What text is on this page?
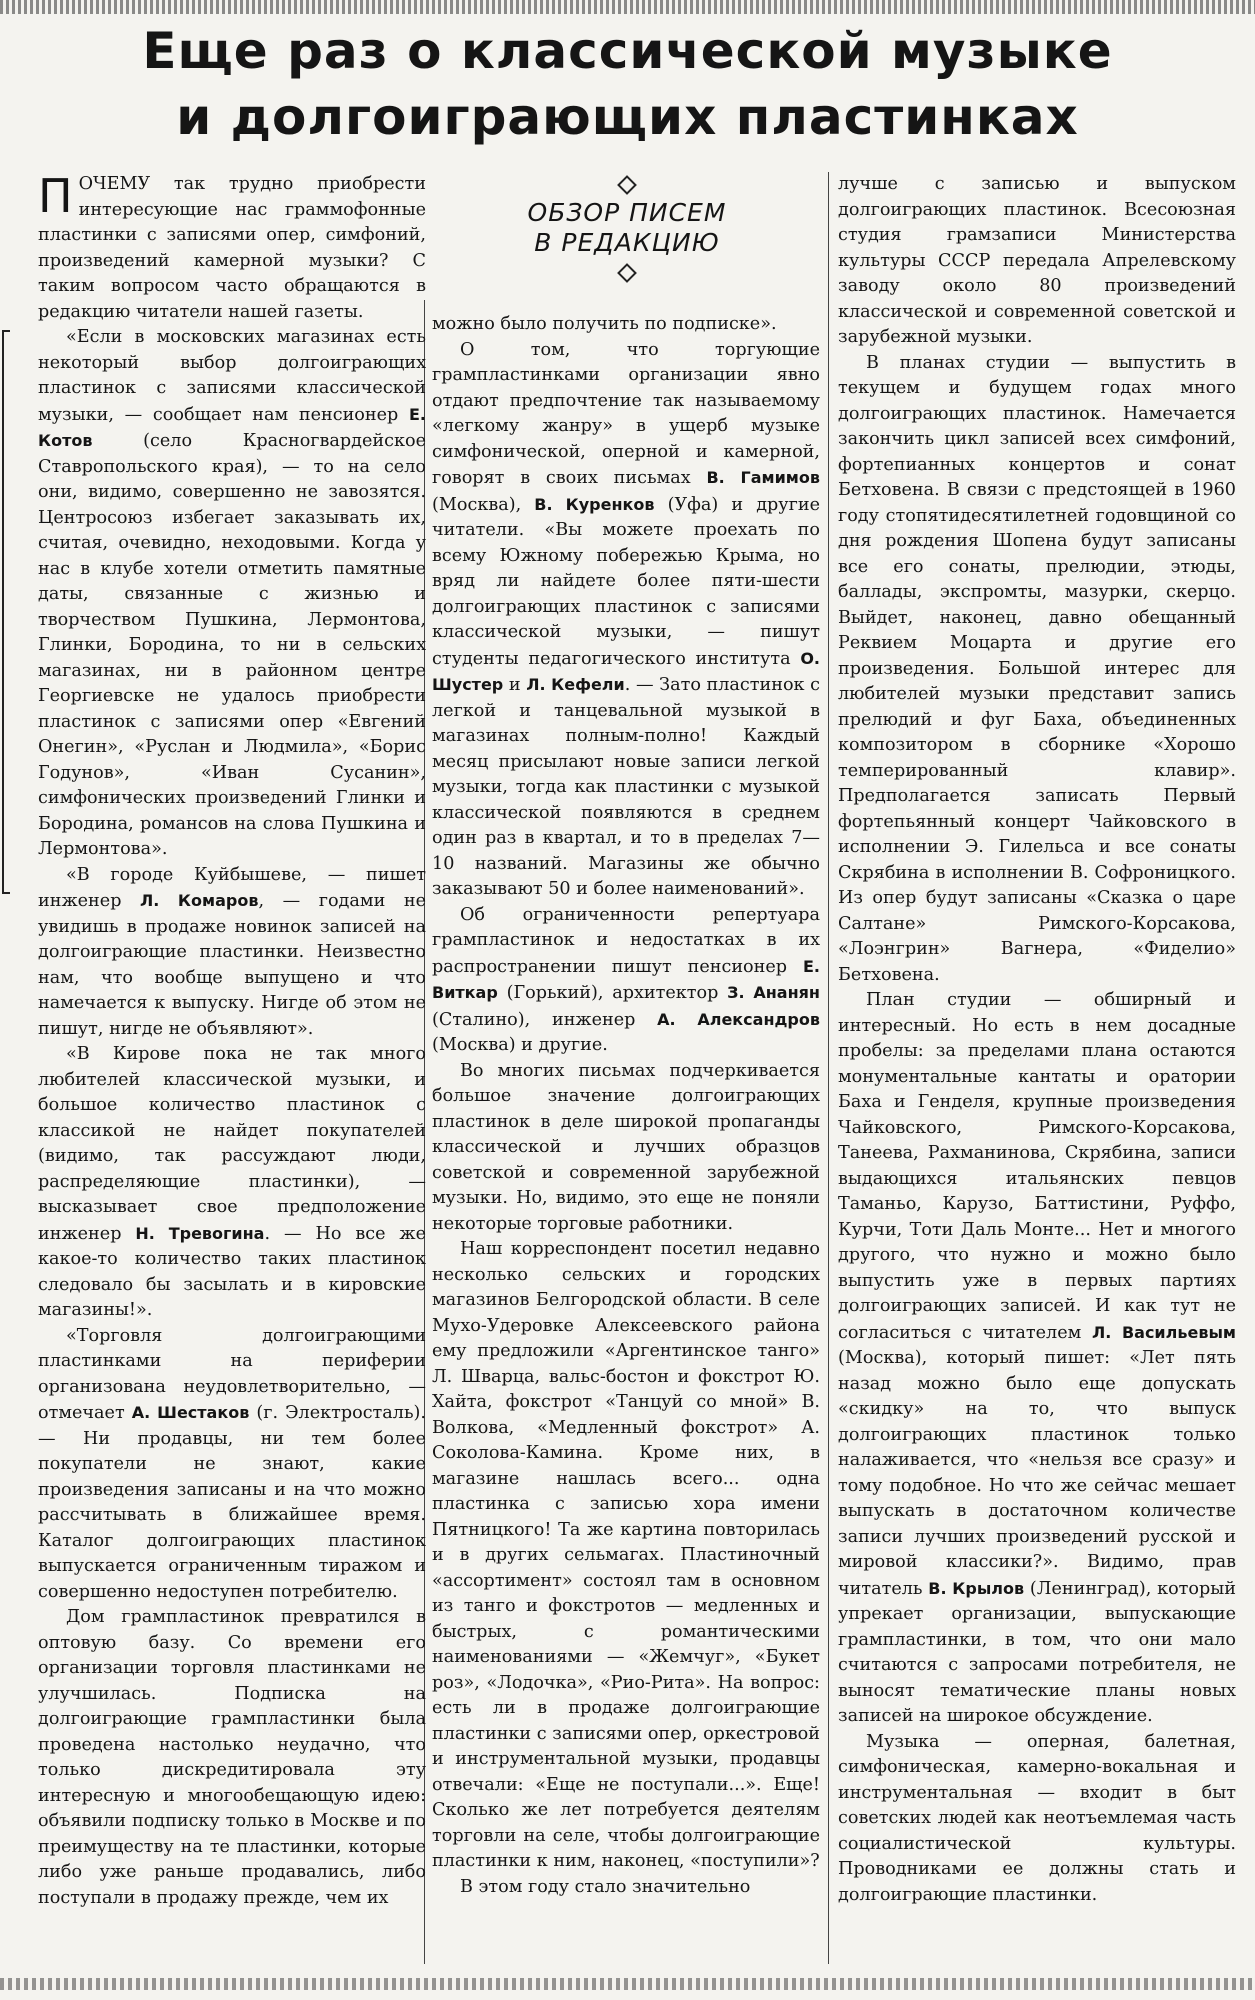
Еще раз о классической музыке
и долгоиграющих пластинках

ПОЧЕМУ так трудно приобрести интересующие нас граммофонные пластинки с записями опер, симфоний, произведений камерной музыки? С таким вопросом часто обращаются в редакцию читатели нашей газеты.

«Если в московских магазинах есть некоторый выбор долгоиграющих пластинок с записями классической музыки, — сообщает нам пенсионер Е. Котов (село Красногвардейское Ставропольского края), — то на село они, видимо, совершенно не завозятся. Центросоюз избегает заказывать их, считая, очевидно, неходовыми. Когда у нас в клубе хотели отметить памятные даты, связанные с жизнью и творчеством Пушкина, Лермонтова, Глинки, Бородина, то ни в сельских магазинах, ни в районном центре Георгиевске не удалось приобрести пластинок с записями опер «Евгений Онегин», «Руслан и Людмила», «Борис Годунов», «Иван Сусанин», симфонических произведений Глинки и Бородина, романсов на слова Пушкина и Лермонтова».

«В городе Куйбышеве, — пишет инженер Л. Комаров, — годами не увидишь в продаже новинок записей на долгоиграющие пластинки. Неизвестно нам, что вообще выпущено и что намечается к выпуску. Нигде об этом не пишут, нигде не объявляют».

«В Кирове пока не так много любителей классической музыки, и большое количество пластинок с классикой не найдет покупателей (видимо, так рассуждают люди, распределяющие пластинки), — высказывает свое предположение инженер Н. Тревогина. — Но все же какое-то количество таких пластинок следовало бы засылать и в кировские магазины!».

«Торговля долгоиграющими пластинками на периферии организована неудовлетворительно, — отмечает А. Шестаков (г. Электросталь). — Ни продавцы, ни тем более покупатели не знают, какие произведения записаны и на что можно рассчитывать в ближайшее время. Каталог долгоиграющих пластинок выпускается ограниченным тиражом и совершенно недоступен потребителю.

Дом грампластинок превратился в оптовую базу. Со времени его организации торговля пластинками не улучшилась. Подписка на долгоиграющие грампластинки была проведена настолько неудачно, что только дискредитировала эту интересную и многообещающую идею: объявили подписку только в Москве и по преимуществу на те пластинки, которые либо уже раньше продавались, либо поступали в продажу прежде, чем их

ОБЗОР ПИСЕМ
В РЕДАКЦИЮ

можно было получить по подписке».

О том, что торгующие грампластинками организации явно отдают предпочтение так называемому «легкому жанру» в ущерб музыке симфонической, оперной и камерной, говорят в своих письмах В. Гамимов (Москва), В. Куренков (Уфа) и другие читатели. «Вы можете проехать по всему Южному побережью Крыма, но вряд ли найдете более пяти-шести долгоиграющих пластинок с записями классической музыки, — пишут студенты педагогического института О. Шустер и Л. Кефели. — Зато пластинок с легкой и танцевальной музыкой в магазинах полным-полно! Каждый месяц присылают новые записи легкой музыки, тогда как пластинки с музыкой классической появляются в среднем один раз в квартал, и то в пределах 7—10 названий. Магазины же обычно заказывают 50 и более наименований».

Об ограниченности репертуара грампластинок и недостатках в их распространении пишут пенсионер Е. Виткар (Горький), архитектор З. Ананян (Сталино), инженер А. Александров (Москва) и другие.

Во многих письмах подчеркивается большое значение долгоиграющих пластинок в деле широкой пропаганды классической и лучших образцов советской и современной зарубежной музыки. Но, видимо, это еще не поняли некоторые торговые работники.

Наш корреспондент посетил недавно несколько сельских и городских магазинов Белгородской области. В селе Мухо-Удеровке Алексеевского района ему предложили «Аргентинское танго» Л. Шварца, вальс-бостон и фокстрот Ю. Хайта, фокстрот «Танцуй со мной» В. Волкова, «Медленный фокстрот» А. Соколова-Камина. Кроме них, в магазине нашлась всего... одна пластинка с записью хора имени Пятницкого! Та же картина повторилась и в других сельмагах. Пластиночный «ассортимент» состоял там в основном из танго и фокстротов — медленных и быстрых, с романтическими наименованиями — «Жемчуг», «Букет роз», «Лодочка», «Рио-Рита». На вопрос: есть ли в продаже долгоиграющие пластинки с записями опер, оркестровой и инструментальной музыки, продавцы отвечали: «Еще не поступали...». Еще! Сколько же лет потребуется деятелям торговли на селе, чтобы долгоиграющие пластинки к ним, наконец, «поступили»?

В этом году стало значительно

лучше с записью и выпуском долгоиграющих пластинок. Всесоюзная студия грамзаписи Министерства культуры СССР передала Апрелевскому заводу около 80 произведений классической и современной советской и зарубежной музыки.

В планах студии — выпустить в текущем и будущем годах много долгоиграющих пластинок. Намечается закончить цикл записей всех симфоний, фортепианных концертов и сонат Бетховена. В связи с предстоящей в 1960 году стопятидесятилетней годовщиной со дня рождения Шопена будут записаны все его сонаты, прелюдии, этюды, баллады, экспромты, мазурки, скерцо. Выйдет, наконец, давно обещанный Реквием Моцарта и другие его произведения. Большой интерес для любителей музыки представит запись прелюдий и фуг Баха, объединенных композитором в сборнике «Хорошо темперированный клавир». Предполагается записать Первый фортепьянный концерт Чайковского в исполнении Э. Гилельса и все сонаты Скрябина в исполнении В. Софроницкого. Из опер будут записаны «Сказка о царе Салтане» Римского-Корсакова, «Лоэнгрин» Вагнера, «Фиделио» Бетховена.

План студии — обширный и интересный. Но есть в нем досадные пробелы: за пределами плана остаются монументальные кантаты и оратории Баха и Генделя, крупные произведения Чайковского, Римского-Корсакова, Танеева, Рахманинова, Скрябина, записи выдающихся итальянских певцов Таманьо, Карузо, Баттистини, Руффо, Курчи, Тоти Даль Монте... Нет и многого другого, что нужно и можно было выпустить уже в первых партиях долгоиграющих записей. И как тут не согласиться с читателем Л. Васильевым (Москва), который пишет: «Лет пять назад можно было еще допускать «скидку» на то, что выпуск долгоиграющих пластинок только налаживается, что «нельзя все сразу» и тому подобное. Но что же сейчас мешает выпускать в достаточном количестве записи лучших произведений русской и мировой классики?». Видимо, прав читатель В. Крылов (Ленинград), который упрекает организации, выпускающие грампластинки, в том, что они мало считаются с запросами потребителя, не выносят тематические планы новых записей на широкое обсуждение.

Музыка — оперная, балетная, симфоническая, камерно-вокальная и инструментальная — входит в быт советских людей как неотъемлемая часть социалистической культуры. Проводниками ее должны стать и долгоиграющие пластинки.
